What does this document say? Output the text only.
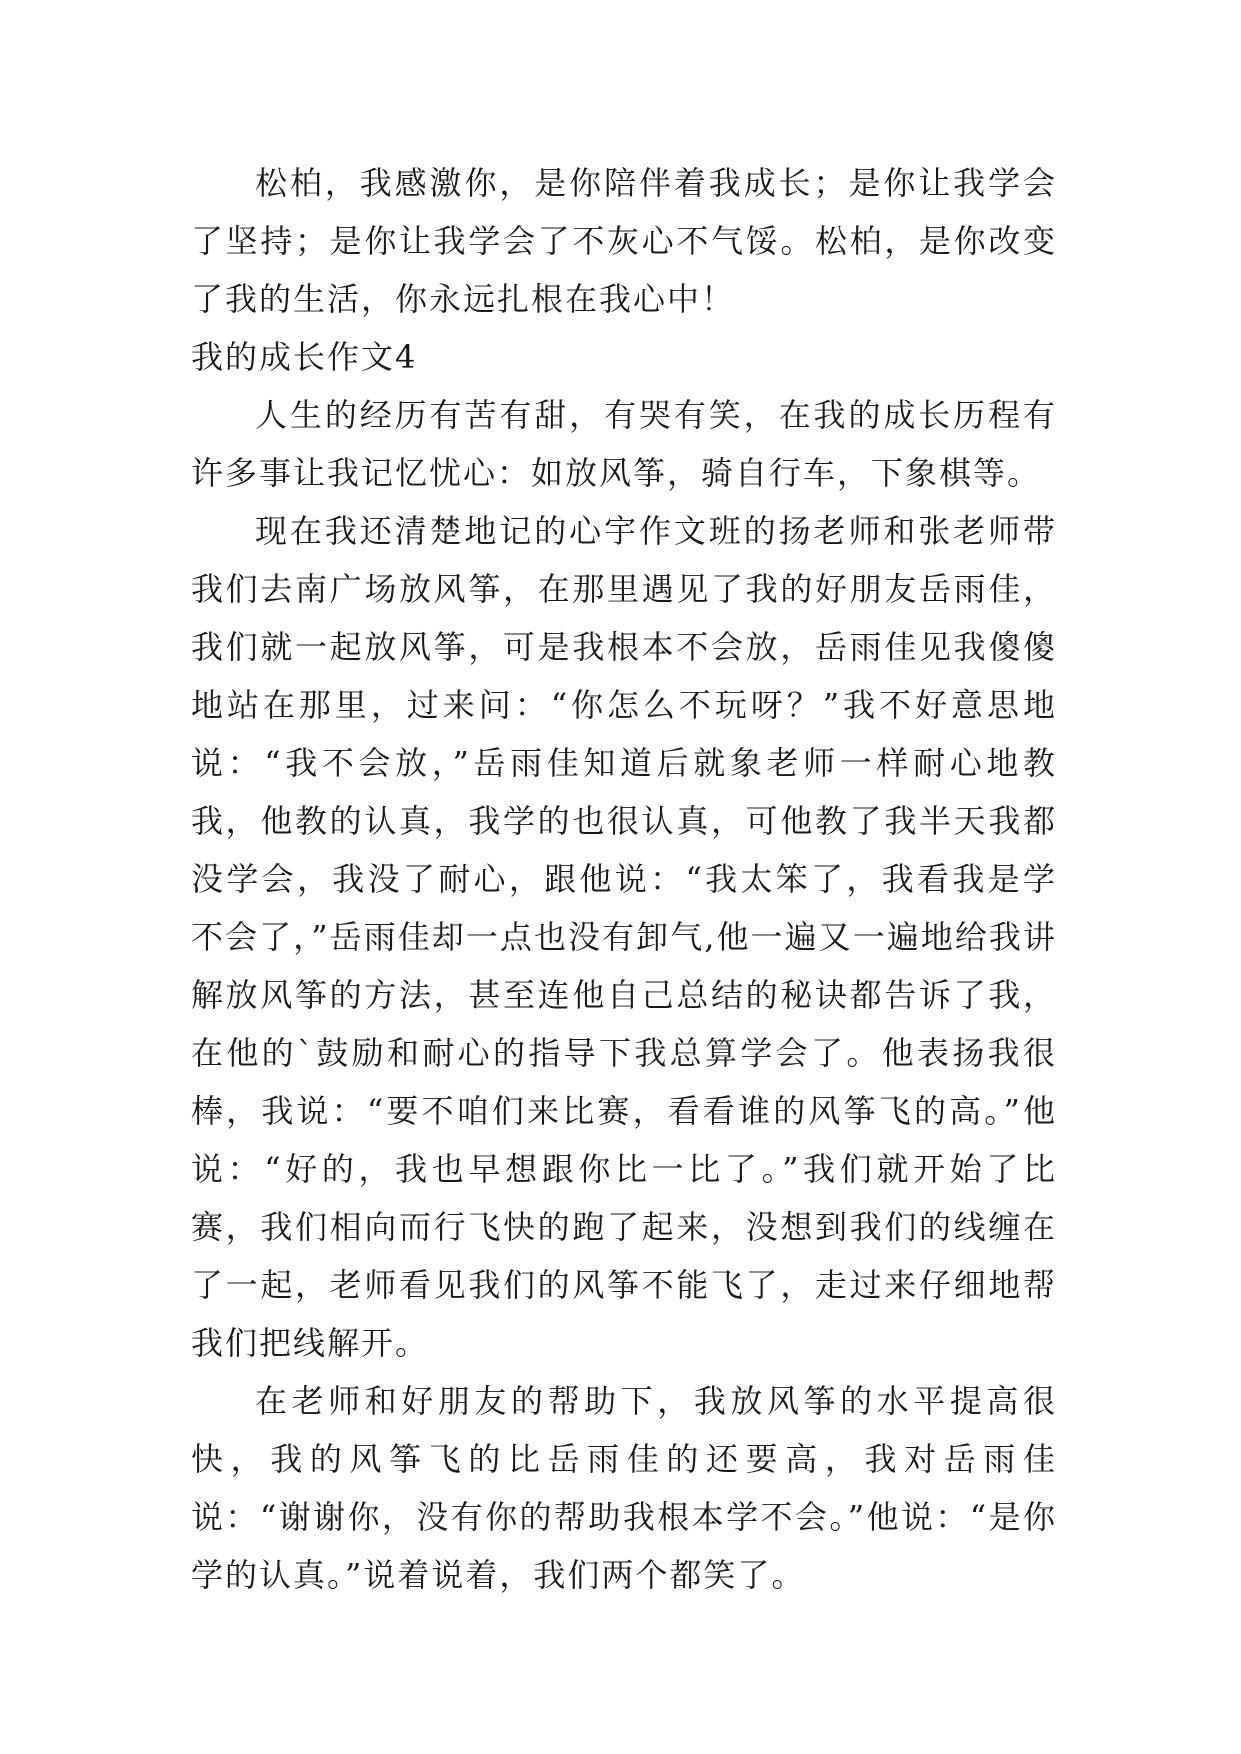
松柏，我感激你，是你陪伴着我成长；是你让我学会了坚持；是你让我学会了不灰心不气馁。松柏，是你改变了我的生活，你永远扎根在我心中！

我的成长作文4

人生的经历有苦有甜，有哭有笑，在我的成长历程有许多事让我记忆忧心：如放风筝，骑自行车，下象棋等。

现在我还清楚地记的心宇作文班的扬老师和张老师带我们去南广场放风筝，在那里遇见了我的好朋友岳雨佳，我们就一起放风筝，可是我根本不会放，岳雨佳见我傻傻地站在那里，过来问：“你怎么不玩呀？”我不好意思地说：“我不会放，”岳雨佳知道后就象老师一样耐心地教我，他教的认真，我学的也很认真，可他教了我半天我都没学会，我没了耐心，跟他说：“我太笨了，我看我是学不会了，”岳雨佳却一点也没有卸气,他一遍又一遍地给我讲解放风筝的方法，甚至连他自己总结的秘诀都告诉了我，在他的`鼓励和耐心的指导下我总算学会了。他表扬我很棒，我说：“要不咱们来比赛，看看谁的风筝飞的高。”他说：“好的，我也早想跟你比一比了。”我们就开始了比赛，我们相向而行飞快的跑了起来，没想到我们的线缠在了一起，老师看见我们的风筝不能飞了，走过来仔细地帮我们把线解开。

在老师和好朋友的帮助下，我放风筝的水平提高很快，我的风筝飞的比岳雨佳的还要高，我对岳雨佳说：“谢谢你，没有你的帮助我根本学不会。”他说：“是你学的认真。”说着说着，我们两个都笑了。
